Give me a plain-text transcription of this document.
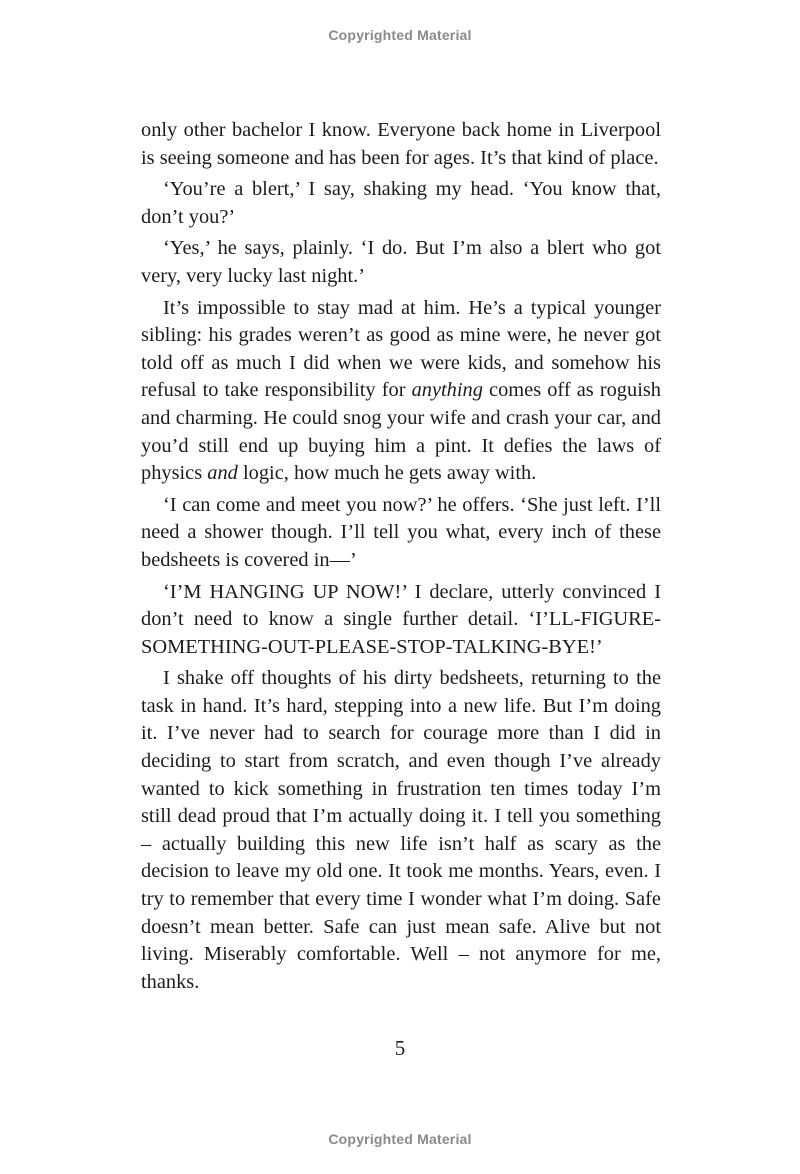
Copyrighted Material

only other bachelor I know. Everyone back home in Liverpool is seeing someone and has been for ages. It’s that kind of place.

‘You’re a blert,’ I say, shaking my head. ‘You know that, don’t you?’

‘Yes,’ he says, plainly. ‘I do. But I’m also a blert who got very, very lucky last night.’

It’s impossible to stay mad at him. He’s a typical younger sibling: his grades weren’t as good as mine were, he never got told off as much I did when we were kids, and somehow his refusal to take responsibility for anything comes off as roguish and charming. He could snog your wife and crash your car, and you’d still end up buying him a pint. It defies the laws of physics and logic, how much he gets away with.

‘I can come and meet you now?’ he offers. ‘She just left. I’ll need a shower though. I’ll tell you what, every inch of these bedsheets is covered in—’

‘I’M HANGING UP NOW!’ I declare, utterly convinced I don’t need to know a single further detail. ‘I’LL-FIGURE-SOMETHING-OUT-PLEASE-STOP-TALKING-BYE!’

I shake off thoughts of his dirty bedsheets, returning to the task in hand. It’s hard, stepping into a new life. But I’m doing it. I’ve never had to search for courage more than I did in deciding to start from scratch, and even though I’ve already wanted to kick something in frustration ten times today I’m still dead proud that I’m actually doing it. I tell you something – actually building this new life isn’t half as scary as the decision to leave my old one. It took me months. Years, even. I try to remember that every time I wonder what I’m doing. Safe doesn’t mean better. Safe can just mean safe. Alive but not living. Miserably comfortable. Well – not anymore for me, thanks.

5
Copyrighted Material
